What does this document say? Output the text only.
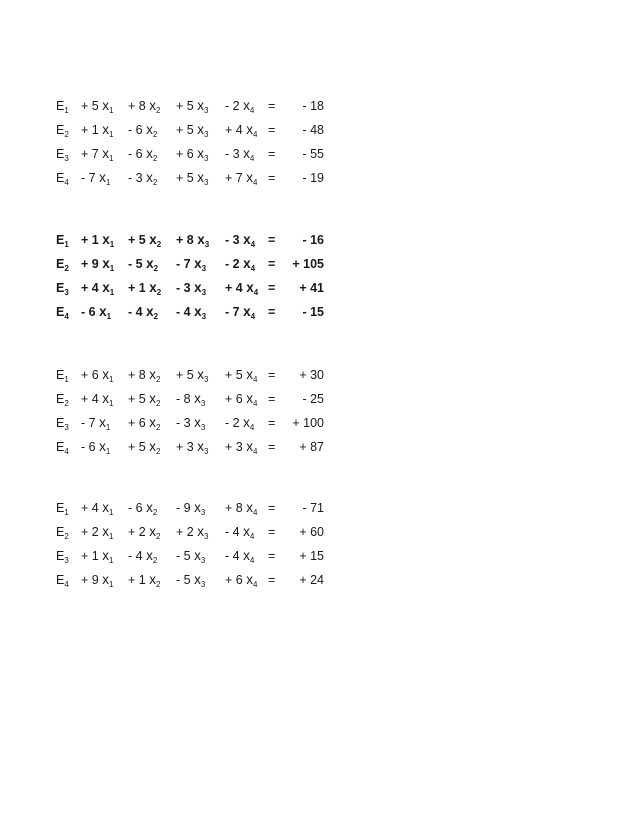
$E_1 + 5$ $x_1 + 8$ $x_2 + 5$ $x_3 - 2$ $x_4$ =	- 18
$E_2 + 1$ $x_1 - 6$ $x_2 + 5$ $x_3 + 4$ $x_4$ =	- 48
$E_3 + 7$ $x_1 - 6$ $x_2 + 6$ $x_3 - 3$ $x_4$ =	- 55
$E_4 - 7$ $x_1 - 3$ $x_2 + 5$ $x_3 + 7$ $x_4$ =	- 19
$E_1 + 1$ $x_1 + 5$ $x_2 + 8$ $x_3 - 3$ $x_4$ =	- 16
$E_2 + 9$ $x_1 - 5$ $x_2 - 7$ $x_3 - 2$ $x_4$ =	+ 105
$E_3 + 4$ $x_1 + 1$ $x_2 - 3$ $x_3 + 4$ $x_4$ =	+ 41
$E_4 - 6$ $x_1 - 4$ $x_2 - 4$ $x_3 - 7$ $x_4$ =	- 15
$E_1 + 6$ $x_1 + 8$ $x_2 + 5$ $x_3 + 5$ $x_4$ =	+ 30
$E_2 + 4$ $x_1 + 5$ $x_2 - 8$ $x_3 + 6$ $x_4$ =	- 25
$E_3 - 7$ $x_1 + 6$ $x_2 - 3$ $x_3 - 2$ $x_4$ =	+ 100
$E_4 - 6$ $x_1 + 5$ $x_2 + 3$ $x_3 + 3$ $x_4$ =	+ 87
$E_1 + 4$ $x_1 - 6$ $x_2 - 9$ $x_3 + 8$ $x_4$ =	- 71
$E_2 + 2$ $x_1 + 2$ $x_2 + 2$ $x_3 - 4$ $x_4$ =	+ 60
$E_3 + 1$ $x_1 - 4$ $x_2 - 5$ $x_3 - 4$ $x_4$ =	+ 15
$E_4 + 9$ $x_1 + 1$ $x_2 - 5$ $x_3 + 6$ $x_4$ =	+ 24
